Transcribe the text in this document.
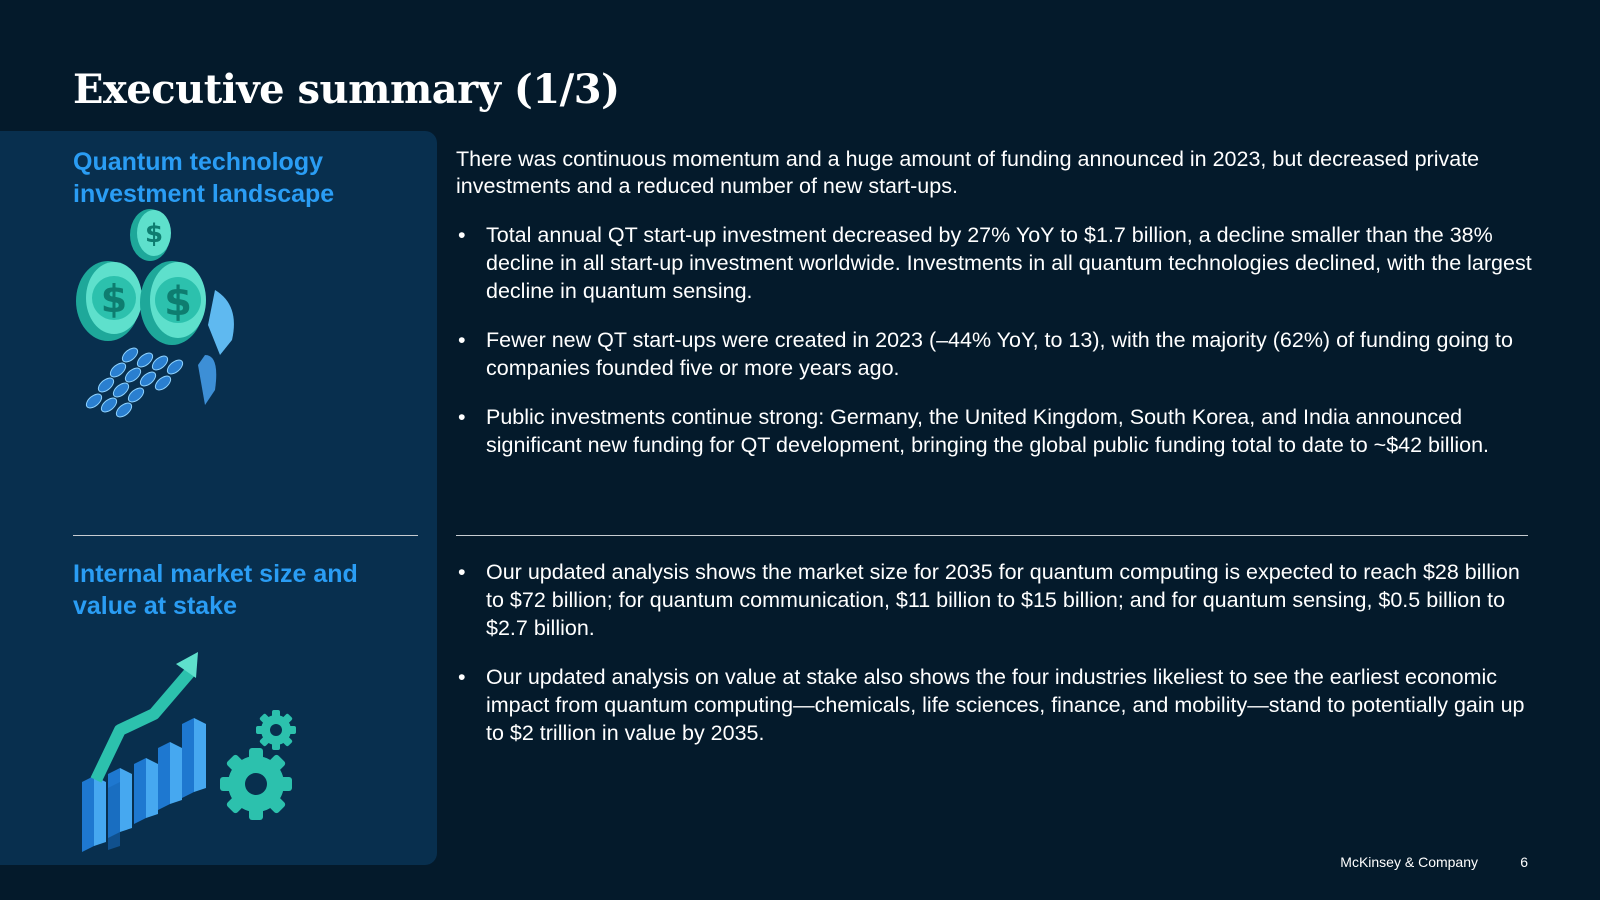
Executive summary (1/3)
Quantum technology investment landscape
$
$ $

There was continuous momentum and a huge amount of funding announced in 2023, but decreased private investments and a reduced number of new start-ups.

• Total annual QT start-up investment decreased by 27% YoY to $1.7 billion, a decline smaller than the 38% decline in all start-up investment worldwide. Investments in all quantum technologies declined, with the largest decline in quantum sensing.
• Fewer new QT start-ups were created in 2023 (–44% YoY, to 13), with the majority (62%) of funding going to companies founded five or more years ago.
• Public investments continue strong: Germany, the United Kingdom, South Korea, and India announced significant new funding for QT development, bringing the global public funding total to date to ~$42 billion.
Internal market size and value at stake
• Our updated analysis shows the market size for 2035 for quantum computing is expected to reach $28 billion to $72 billion; for quantum communication, $11 billion to $15 billion; and for quantum sensing, $0.5 billion to $2.7 billion.
• Our updated analysis on value at stake also shows the four industries likeliest to see the earliest economic impact from quantum computing—chemicals, life sciences, finance, and mobility—stand to potentially gain up to $2 trillion in value by 2035.
McKinsey & Company	6
